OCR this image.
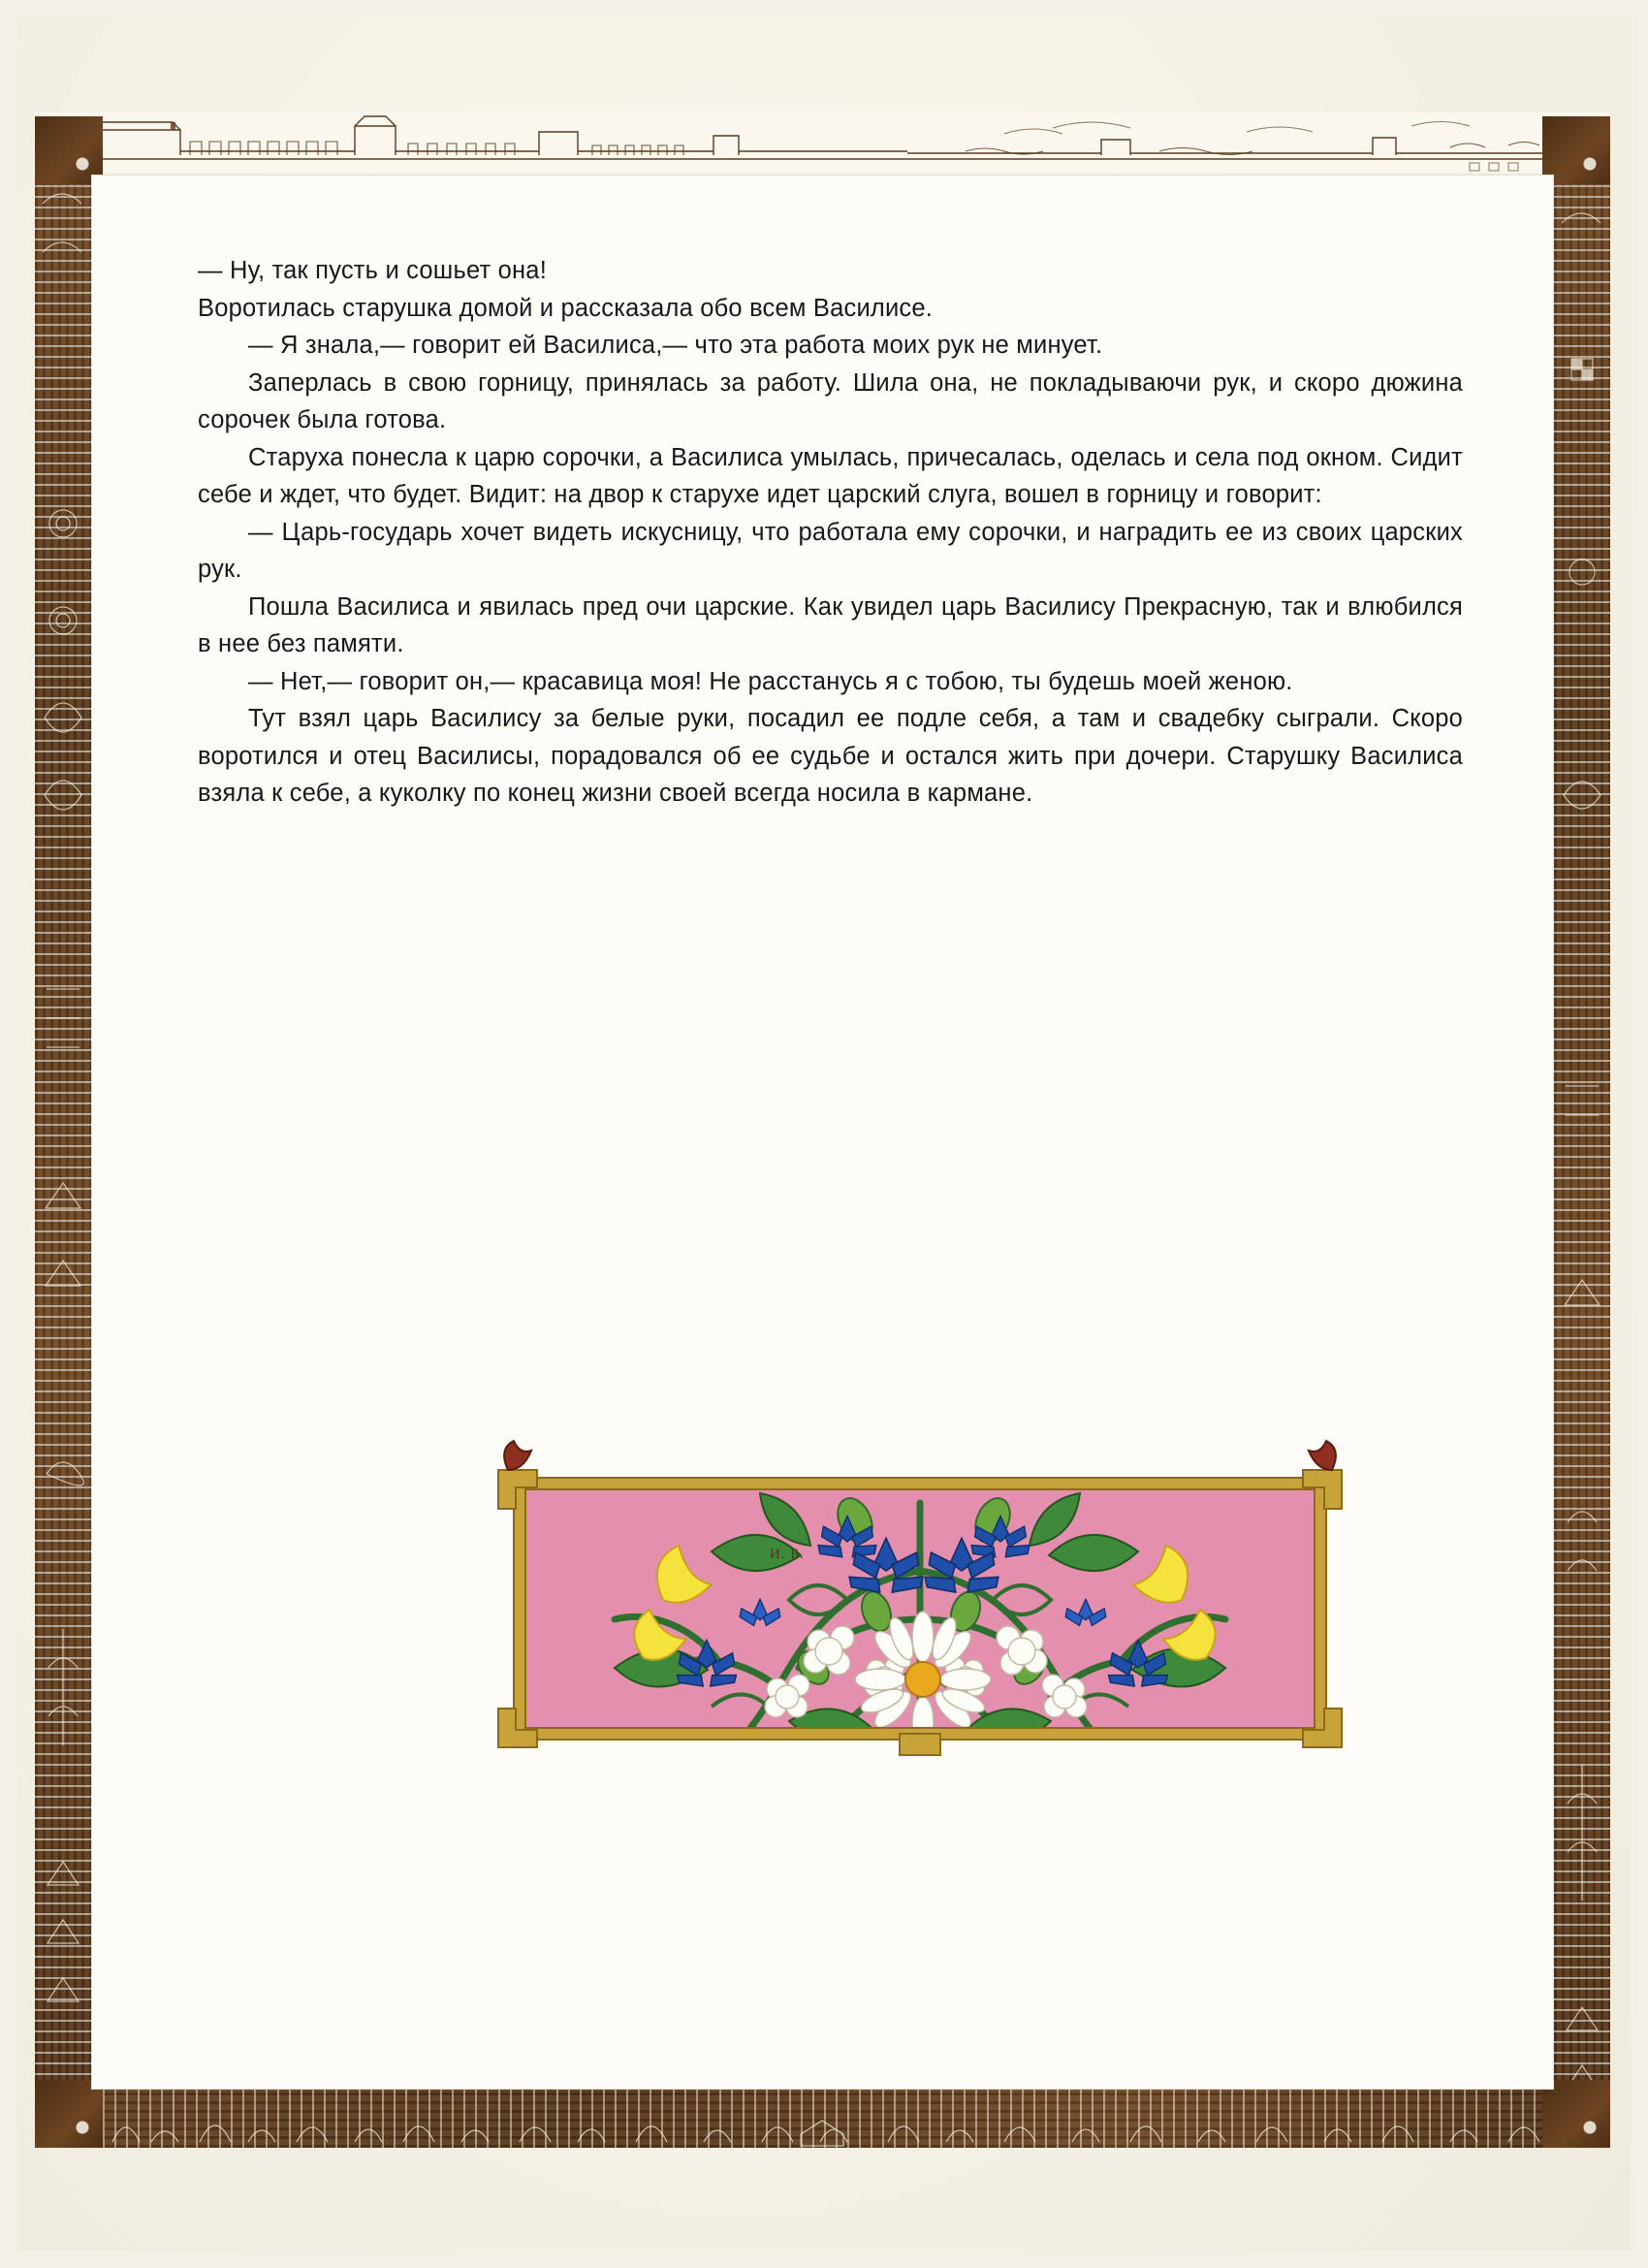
— Ну, так пусть и сошьет она!

Воротилась старушка домой и рассказала обо всем Василисе.

— Я знала,— говорит ей Василиса,— что эта работа моих рук не минует.

Заперлась в свою горницу, принялась за работу. Шила она, не покладываючи рук, и скоро дюжина сорочек была готова.

Старуха понесла к царю сорочки, а Василиса умылась, причесалась, оделась и села под окном. Сидит себе и ждет, что будет. Видит: на двор к старухе идет царский слуга, вошел в горницу и говорит:

— Царь-государь хочет видеть искусницу, что работала ему сорочки, и наградить ее из своих царских рук.

Пошла Василиса и явилась пред очи царские. Как увидел царь Василису Прекрасную, так и влюбился в нее без памяти.

— Нет,— говорит он,— красавица моя! Не расстанусь я с тобою, ты будешь моей женою.

Тут взял царь Василису за белые руки, посадил ее подле себя, а там и свадебку сыграли. Скоро воротился и отец Василисы, порадовался об ее судьбе и остался жить при дочери. Старушку Василиса взяла к себе, а куколку по конец жизни своей всегда носила в кармане.

И. Б.
